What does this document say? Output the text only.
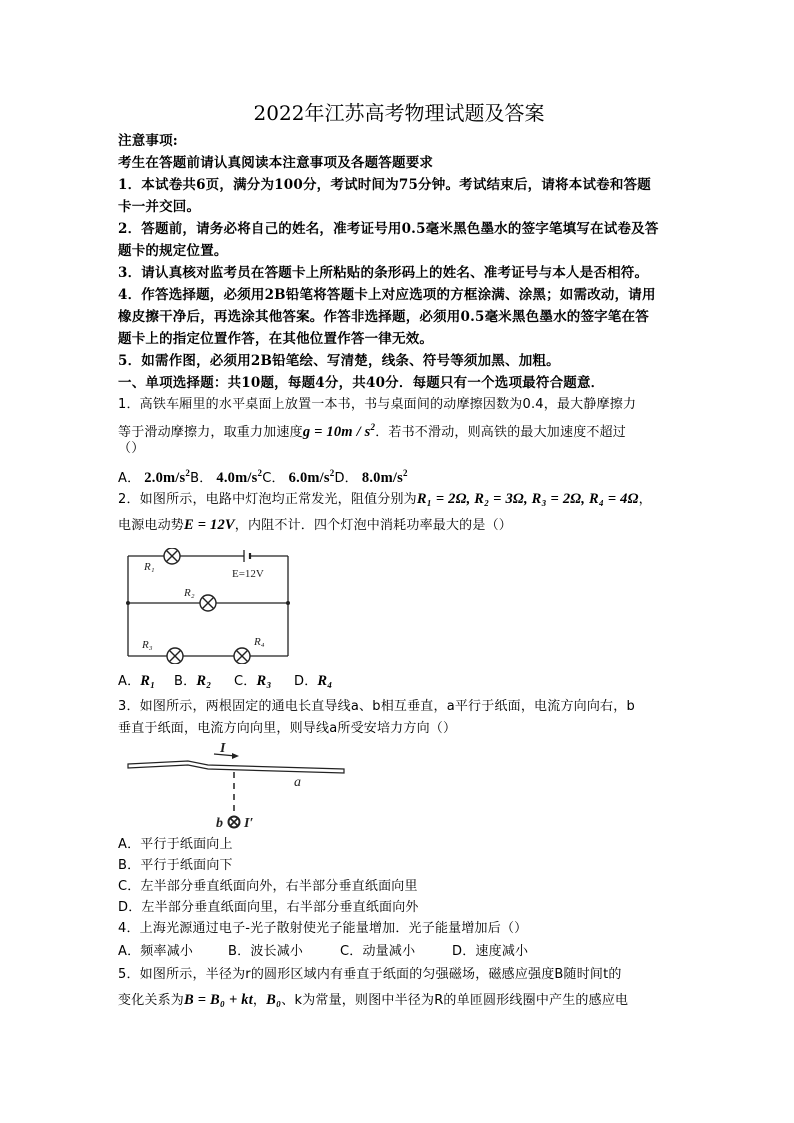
2022年江苏高考物理试题及答案
注意事项:
考生在答题前请认真阅读本注意事项及各题答题要求
1．本试卷共6页，满分为100分，考试时间为75分钟。考试结束后，请将本试卷和答题
卡一并交回。
2．答题前，请务必将自己的姓名，准考证号用0.5毫米黑色墨水的签字笔填写在试卷及答
题卡的规定位置。
3．请认真核对监考员在答题卡上所粘贴的条形码上的姓名、准考证号与本人是否相符。
4．作答选择题，必须用2B铅笔将答题卡上对应选项的方框涂满、涂黑；如需改动，请用
橡皮擦干净后，再选涂其他答案。作答非选择题，必须用0.5毫米黑色墨水的签字笔在答
题卡上的指定位置作答，在其他位置作答一律无效。
5．如需作图，必须用2B铅笔绘、写清楚，线条、符号等须加黑、加粗。
一、单项选择题：共10题，每题4分，共40分．每题只有一个选项最符合题意．
1．高铁车厢里的水平桌面上放置一本书，书与桌面间的动摩擦因数为0.4，最大静摩擦力
等于滑动摩擦力，取重力加速度$g = 10m / s^2$．若书不滑动，则高铁的最大加速度不超过
（）
A． $2.0m/s^2B$． $4.0m/s^2C$． $6.0m/s^2D$． $8.0m/s^2$
2．如图所示，电路中灯泡均正常发光，阻值分别为R₁ = 2Ω, R₂ = 3Ω, R₃ = 2Ω, R₄ = 4Ω，
电源电动势E = 12V，内阻不计．四个灯泡中消耗功率最大的是（）
R₁
R₂
R₃	R₄
E=12V
A．R₁ B．R₂ C．R₃ D．R₄
3．如图所示，两根固定的通电长直导线a、b相互垂直，a平行于纸面，电流方向向右，b
垂直于纸面，电流方向向里，则导线a所受安培力方向（）
I
a
b I′
A．平行于纸面向上
B．平行于纸面向下
C．左半部分垂直纸面向外，右半部分垂直纸面向里
D．左半部分垂直纸面向里，右半部分垂直纸面向外
4．上海光源通过电子-光子散射使光子能量增加．光子能量增加后（）
A．频率减小	B．波长减小	C．动量减小	D．速度减小
5．如图所示，半径为r的圆形区域内有垂直于纸面的匀强磁场，磁感应强度B随时间t的
变化关系为B = B₀ + kt，B₀、k为常量，则图中半径为R的单匝圆形线圈中产生的感应电
